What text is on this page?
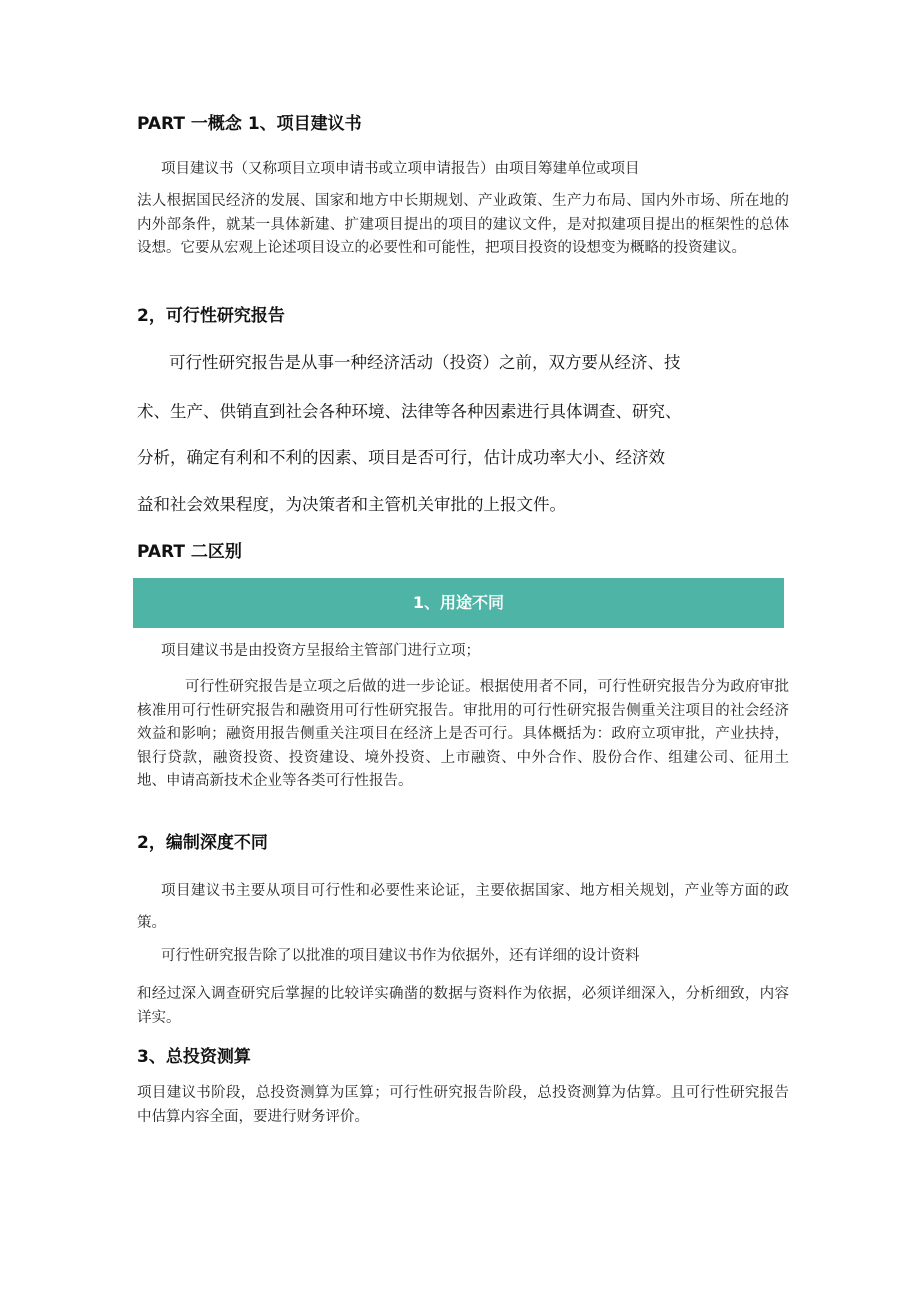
PART 一概念 1、项目建议书

项目建议书（又称项目立项申请书或立项申请报告）由项目筹建单位或项目

法人根据国民经济的发展、国家和地方中长期规划、产业政策、生产力布局、国内外市场、所在地的内外部条件，就某一具体新建、扩建项目提出的项目的建议文件，是对拟建项目提出的框架性的总体设想。它要从宏观上论述项目设立的必要性和可能性，把项目投资的设想变为概略的投资建议。

2，可行性研究报告

可行性研究报告是从事一种经济活动（投资）之前，双方要从经济、技

术、生产、供销直到社会各种环境、法律等各种因素进行具体调查、研究、

分析，确定有利和不利的因素、项目是否可行，估计成功率大小、经济效

益和社会效果程度，为决策者和主管机关审批的上报文件。

PART 二区别
1、用途不同

项目建议书是由投资方呈报给主管部门进行立项；

可行性研究报告是立项之后做的进一步论证。根据使用者不同，可行性研究报告分为政府审批核准用可行性研究报告和融资用可行性研究报告。审批用的可行性研究报告侧重关注项目的社会经济效益和影响；融资用报告侧重关注项目在经济上是否可行。具体概括为：政府立项审批，产业扶持，银行贷款，融资投资、投资建设、境外投资、上市融资、中外合作、股份合作、组建公司、征用土地、申请高新技术企业等各类可行性报告。

2，编制深度不同

项目建议书主要从项目可行性和必要性来论证，主要依据国家、地方相关规划，产业等方面的政策。

可行性研究报告除了以批准的项目建议书作为依据外，还有详细的设计资料

和经过深入调查研究后掌握的比较详实确凿的数据与资料作为依据，必须详细深入，分析细致，内容详实。

3、总投资测算

项目建议书阶段，总投资测算为匡算；可行性研究报告阶段，总投资测算为估算。且可行性研究报告中估算内容全面，要进行财务评价。
